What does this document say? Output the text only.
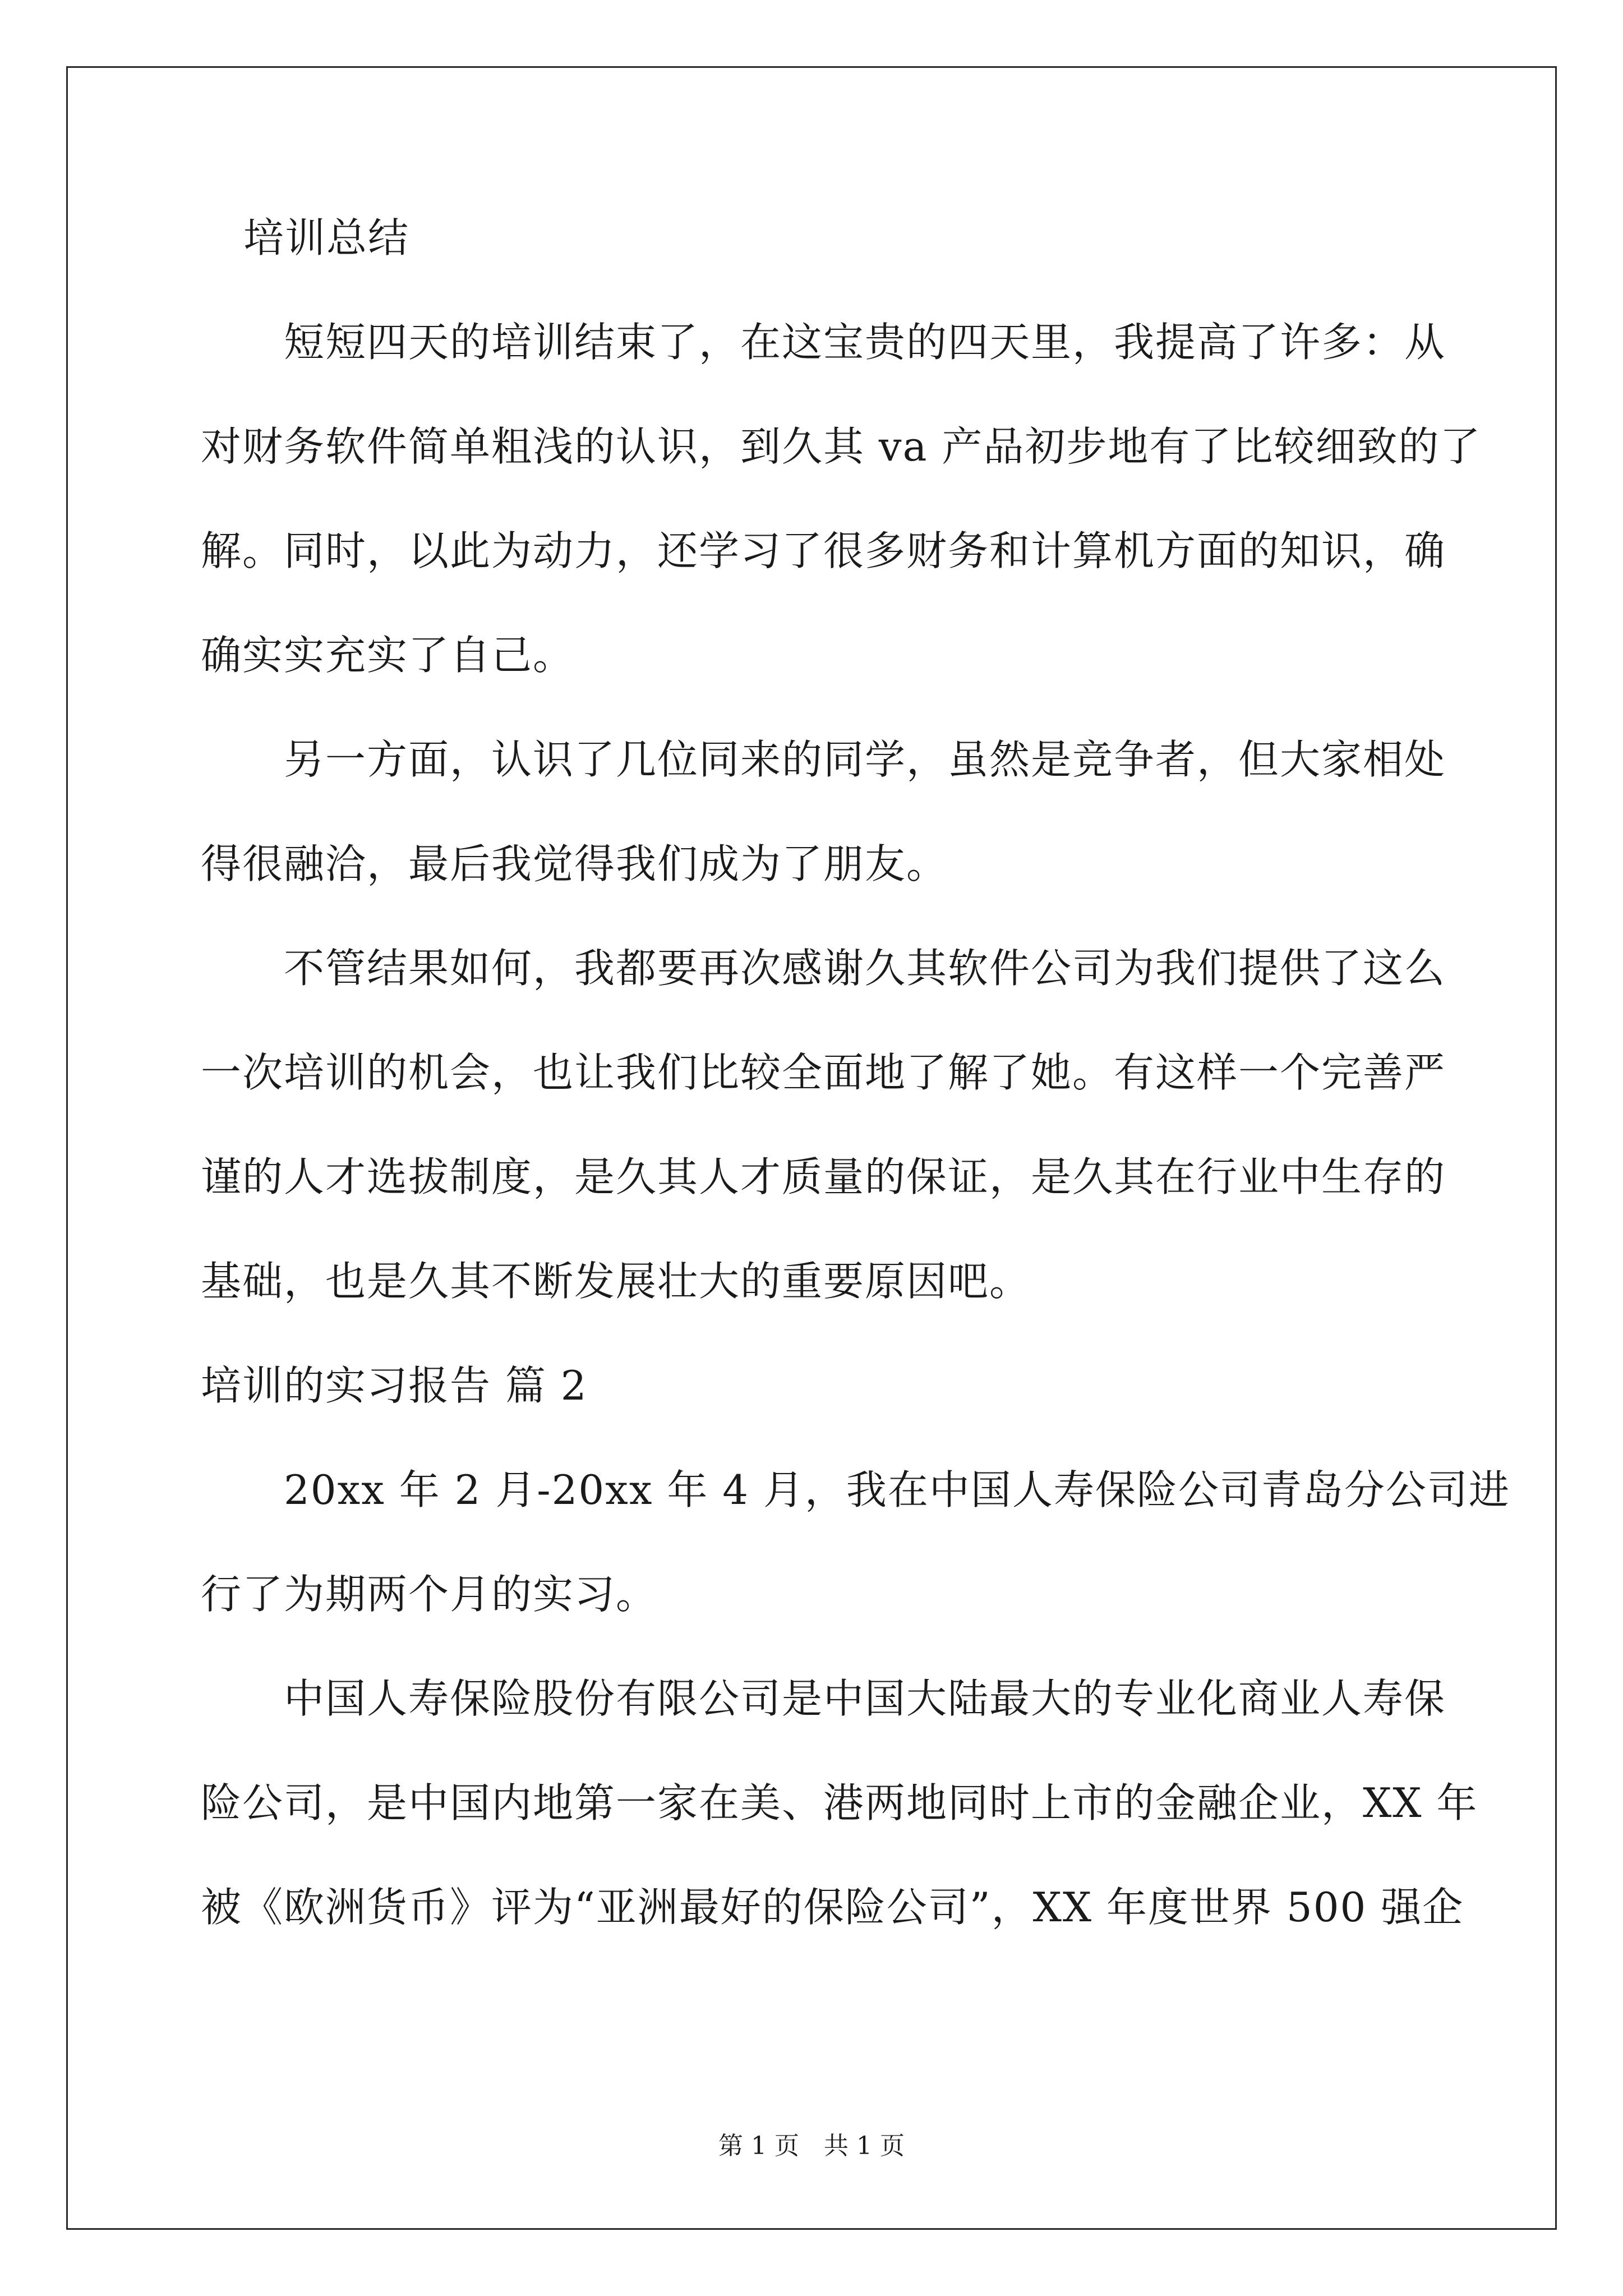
培训总结

短短四天的培训结束了，在这宝贵的四天里，我提高了许多：从

对财务软件简单粗浅的认识，到久其 va 产品初步地有了比较细致的了

解。同时，以此为动力，还学习了很多财务和计算机方面的知识，确

确实实充实了自己。

另一方面，认识了几位同来的同学，虽然是竞争者，但大家相处

得很融洽，最后我觉得我们成为了朋友。

不管结果如何，我都要再次感谢久其软件公司为我们提供了这么

一次培训的机会，也让我们比较全面地了解了她。有这样一个完善严

谨的人才选拔制度，是久其人才质量的保证，是久其在行业中生存的

基础，也是久其不断发展壮大的重要原因吧。

培训的实习报告 篇 2

20xx 年 2 月-20xx 年 4 月，我在中国人寿保险公司青岛分公司进

行了为期两个月的实习。

中国人寿保险股份有限公司是中国大陆最大的专业化商业人寿保

险公司，是中国内地第一家在美、港两地同时上市的金融企业，XX 年

被《欧洲货币》评为“亚洲最好的保险公司”，XX 年度世界 500 强企

第 1 页　共 1 页
